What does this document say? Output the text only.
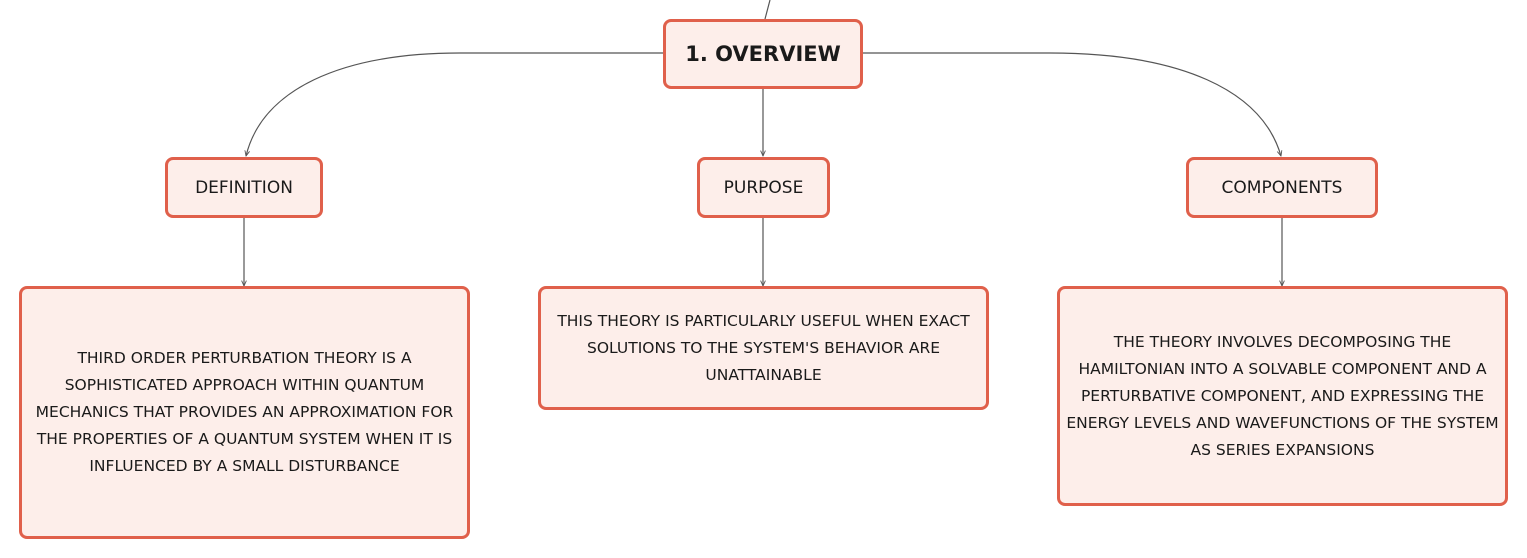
1. OVERVIEW
DEFINITION	PURPOSE	COMPONENTS
THIRD ORDER PERTURBATION THEORY IS A SOPHISTICATED APPROACH WITHIN QUANTUM MECHANICS THAT PROVIDES AN APPROXIMATION FOR THE PROPERTIES OF A QUANTUM SYSTEM WHEN IT IS INFLUENCED BY A SMALL DISTURBANCE
THIS THEORY IS PARTICULARLY USEFUL WHEN EXACT SOLUTIONS TO THE SYSTEM'S BEHAVIOR ARE UNATTAINABLE
THE THEORY INVOLVES DECOMPOSING THE HAMILTONIAN INTO A SOLVABLE COMPONENT AND A PERTURBATIVE COMPONENT, AND EXPRESSING THE ENERGY LEVELS AND WAVEFUNCTIONS OF THE SYSTEM AS SERIES EXPANSIONS
